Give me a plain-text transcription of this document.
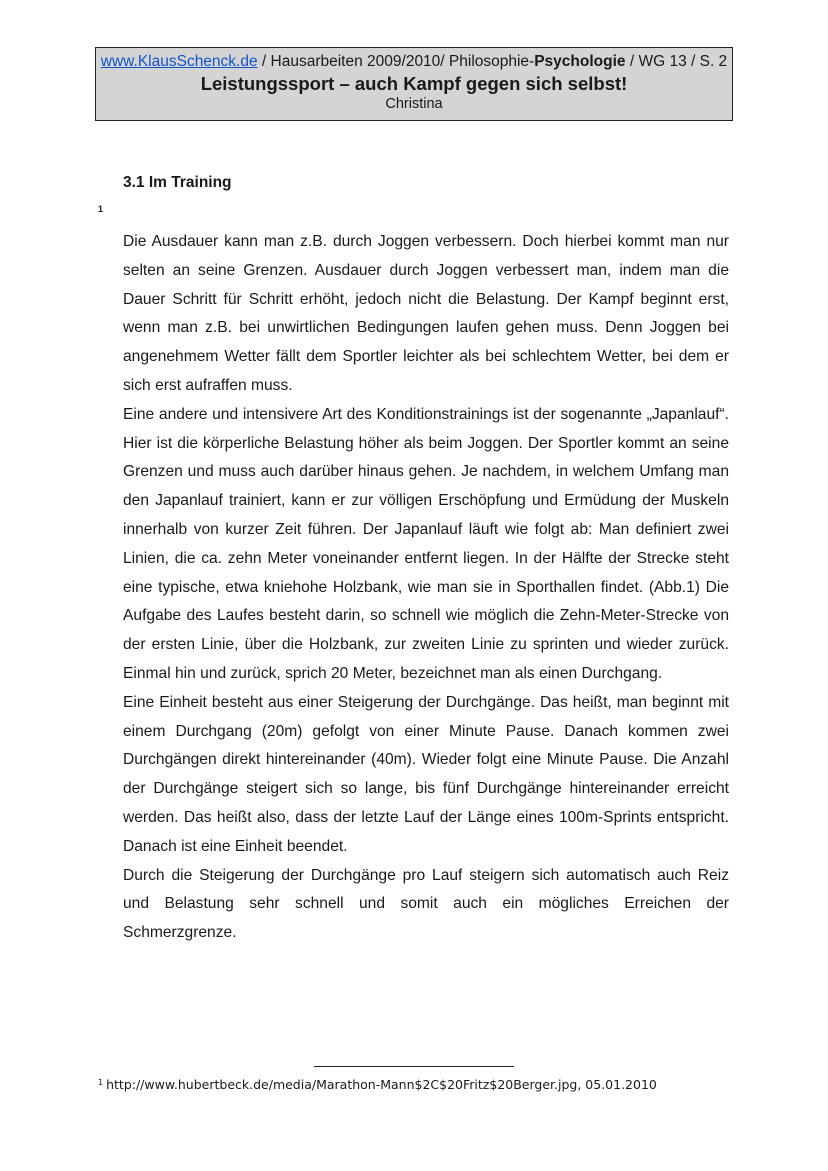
www.KlausSchenck.de / Hausarbeiten 2009/2010/ Philosophie-Psychologie / WG 13 / S. 2
Leistungssport – auch Kampf gegen sich selbst!
Christina
3.1 Im Training
1

Die Ausdauer kann man z.B. durch Joggen verbessern. Doch hierbei kommt man nur selten an seine Grenzen. Ausdauer durch Joggen verbessert man, indem man die Dauer Schritt für Schritt erhöht, jedoch nicht die Belastung. Der Kampf beginnt erst, wenn man z.B. bei unwirtlichen Bedingungen laufen gehen muss. Denn Joggen bei angenehmem Wetter fällt dem Sportler leichter als bei schlechtem Wetter, bei dem er sich erst aufraffen muss.

Eine andere und intensivere Art des Konditionstrainings ist der sogenannte „Japanlauf“. Hier ist die körperliche Belastung höher als beim Joggen. Der Sportler kommt an seine Grenzen und muss auch darüber hinaus gehen. Je nachdem, in welchem Umfang man den Japanlauf trainiert, kann er zur völligen Erschöpfung und Ermüdung der Muskeln innerhalb von kurzer Zeit führen. Der Japanlauf läuft wie folgt ab: Man definiert zwei Linien, die ca. zehn Meter voneinander entfernt liegen. In der Hälfte der Strecke steht eine typische, etwa kniehohe Holzbank, wie man sie in Sporthallen findet. (Abb.1) Die Aufgabe des Laufes besteht darin, so schnell wie möglich die Zehn-Meter-Strecke von der ersten Linie, über die Holzbank, zur zweiten Linie zu sprinten und wieder zurück. Einmal hin und zurück, sprich 20 Meter, bezeichnet man als einen Durchgang.

Eine Einheit besteht aus einer Steigerung der Durchgänge. Das heißt, man beginnt mit einem Durchgang (20m) gefolgt von einer Minute Pause. Danach kommen zwei Durchgängen direkt hintereinander (40m). Wieder folgt eine Minute Pause. Die Anzahl der Durchgänge steigert sich so lange, bis fünf Durchgänge hintereinander erreicht werden. Das heißt also, dass der letzte Lauf der Länge eines 100m-Sprints entspricht. Danach ist eine Einheit beendet.

Durch die Steigerung der Durchgänge pro Lauf steigern sich automatisch auch Reiz und Belastung sehr schnell und somit auch ein mögliches Erreichen der Schmerzgrenze.

$^1$ http://www.hubertbeck.de/media/Marathon-Mann$2C$20Fritz$20Berger.jpg, 05.01.2010
